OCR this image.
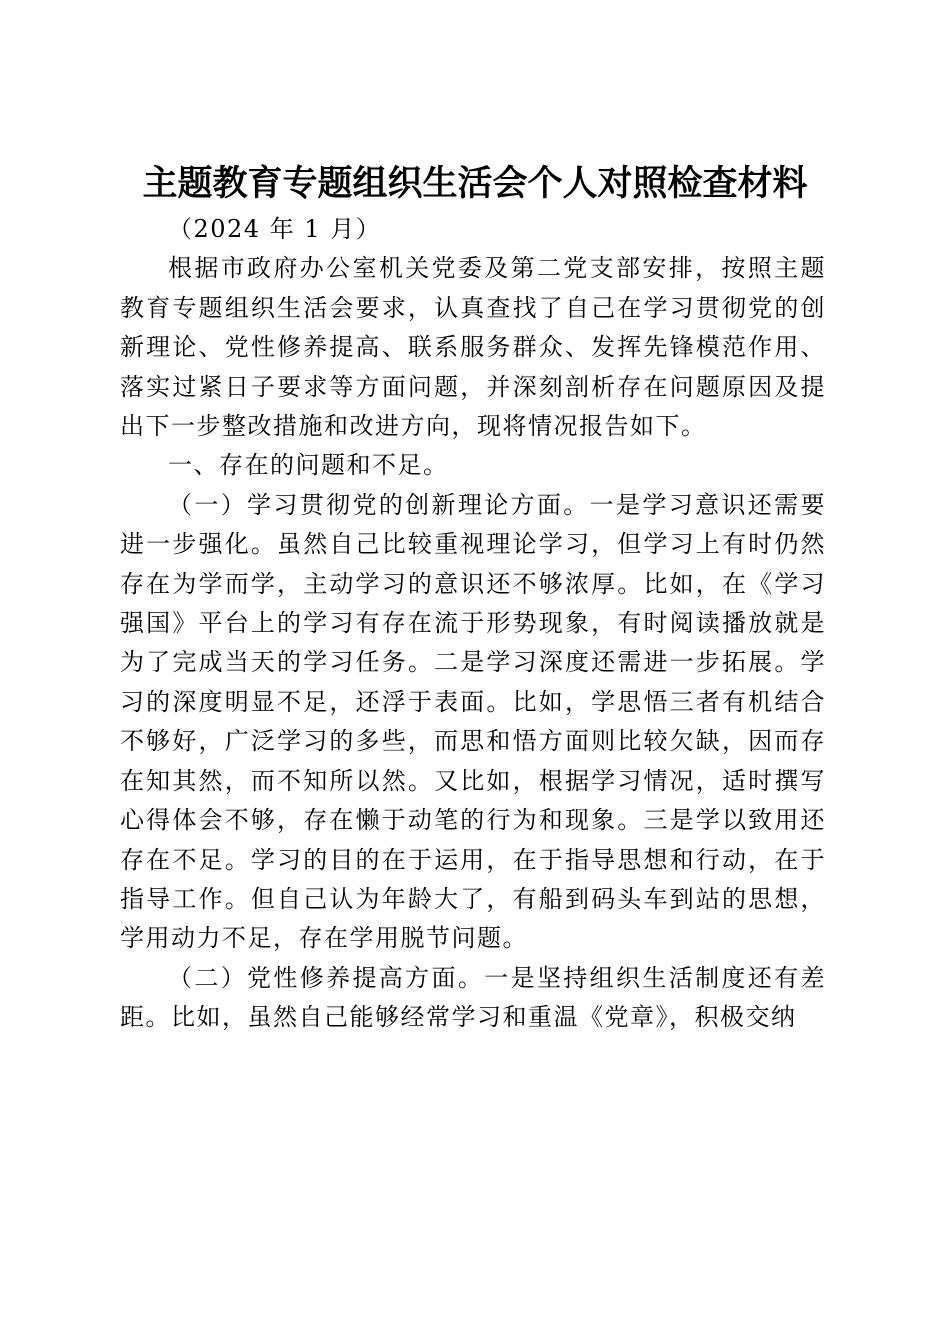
主题教育专题组织生活会个人对照检查材料

（2024 年 1 月）

根据市政府办公室机关党委及第二党支部安排，按照主题教育专题组织生活会要求，认真查找了自己在学习贯彻党的创新理论、党性修养提高、联系服务群众、发挥先锋模范作用、落实过紧日子要求等方面问题，并深刻剖析存在问题原因及提出下一步整改措施和改进方向，现将情况报告如下。

一、存在的问题和不足。

（一）学习贯彻党的创新理论方面。一是学习意识还需要进一步强化。虽然自己比较重视理论学习，但学习上有时仍然存在为学而学，主动学习的意识还不够浓厚。比如，在《学习强国》平台上的学习有存在流于形势现象，有时阅读播放就是为了完成当天的学习任务。二是学习深度还需进一步拓展。学习的深度明显不足，还浮于表面。比如，学思悟三者有机结合不够好，广泛学习的多些，而思和悟方面则比较欠缺，因而存在知其然，而不知所以然。又比如，根据学习情况，适时撰写心得体会不够，存在懒于动笔的行为和现象。三是学以致用还存在不足。学习的目的在于运用，在于指导思想和行动，在于指导工作。但自己认为年龄大了，有船到码头车到站的思想，学用动力不足，存在学用脱节问题。

（二）党性修养提高方面。一是坚持组织生活制度还有差距。比如，虽然自己能够经常学习和重温《党章》，积极交纳
